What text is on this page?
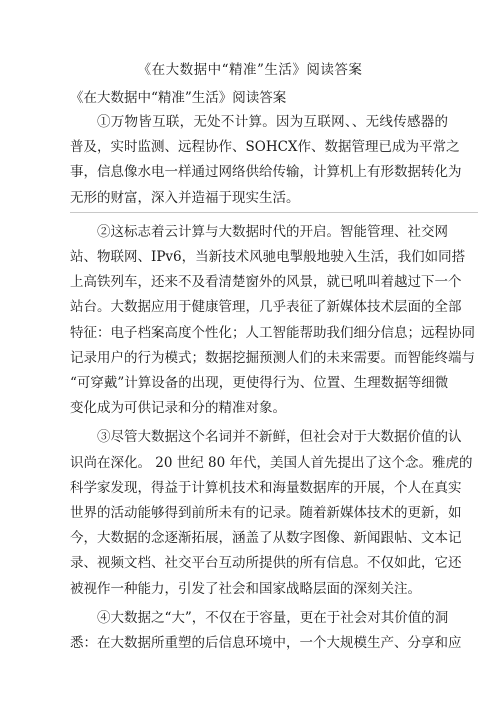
《在大数据中“精准”生活》阅读答案

《在大数据中“精准”生活》阅读答案

①万物皆互联，无处不计算。因为互联网、、无线传感器的
普及，实时监测、远程协作、SOHCX作、数据管理已成为平常之
事，信息像水电一样通过网络供给传输，计算机上有形数据转化为
无形的财富，深入并造福于现实生活。
②这标志着云计算与大数据时代的开启。智能管理、社交网
站、物联网、IPv6，当新技术风驰电掣般地驶入生活，我们如同搭
上高铁列车，还来不及看清楚窗外的风景，就已吼叫着越过下一个
站台。大数据应用于健康管理，几乎表征了新媒体技术层面的全部
特征：电子档案高度个性化；人工智能帮助我们细分信息；远程协同
记录用户的行为模式；数据挖掘预测人们的未来需要。而智能终端与
“可穿戴”计算设备的出现，更使得行为、位置、生理数据等细微
变化成为可供记录和分的精准对象。
③尽管大数据这个名词并不新鲜，但社会对于大数据价值的认
识尚在深化。 20 世纪 80 年代，美国人首先提出了这个念。雅虎的
科学家发现，得益于计算机技术和海量数据库的开展，个人在真实
世界的活动能够得到前所未有的记录。随着新媒体技术的更新，如
今，大数据的念逐渐拓展，涵盖了从数字图像、新闻跟帖、文本记
录、视频文档、社交平台互动所提供的所有信息。不仅如此，它还
被视作一种能力，引发了社会和国家战略层面的深刻关注。
④大数据之“大”，不仅在于容量，更在于社会对其价值的洞
悉：在大数据所重塑的后信息环境中，一个大规模生产、分享和应
